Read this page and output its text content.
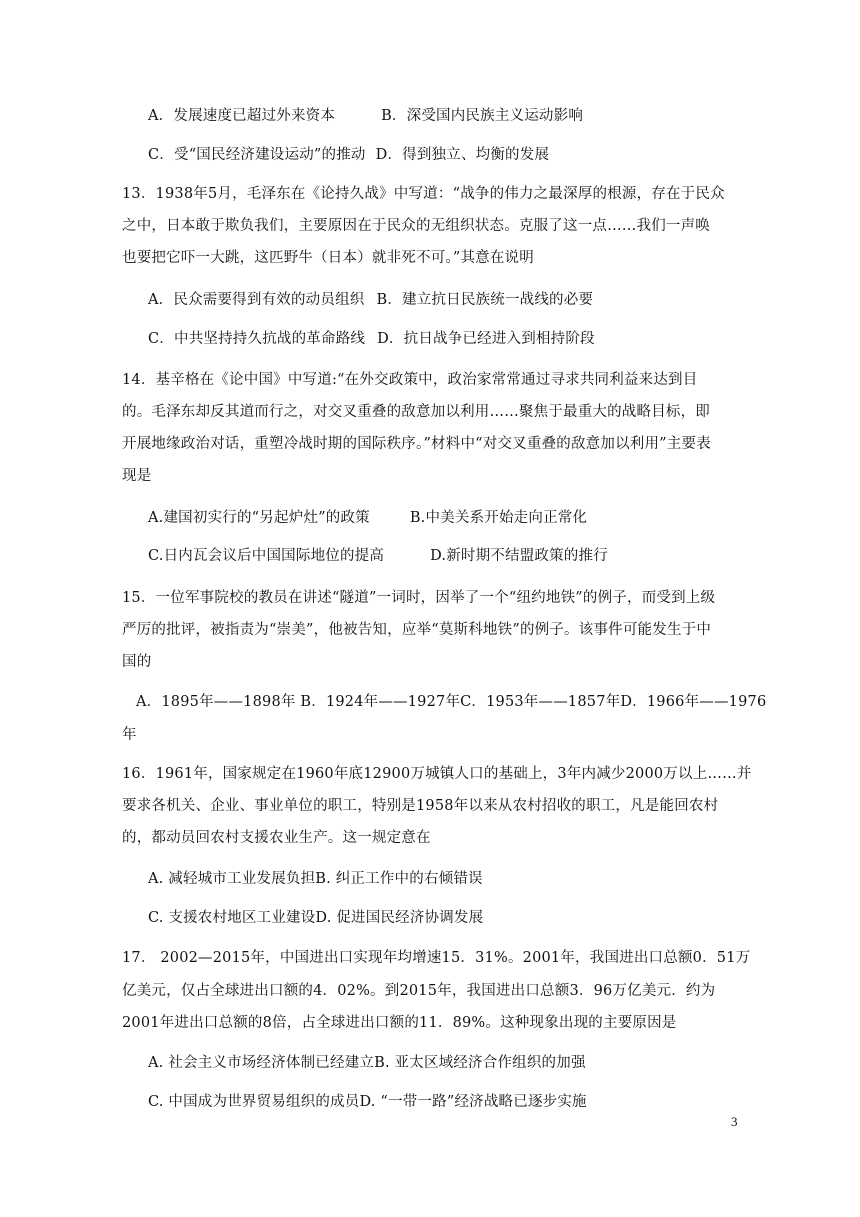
A．发展速度已超过外来资本	B．深受国内民族主义运动影响
C．受“国民经济建设运动”的推动 D．得到独立、均衡的发展
13．1938年5月，毛泽东在《论持久战》中写道：“战争的伟力之最深厚的根源，存在于民众
之中，日本敢于欺负我们，主要原因在于民众的无组织状态。克服了这一点……我们一声唤
也要把它吓一大跳，这匹野牛（日本）就非死不可。”其意在说明
A．民众需要得到有效的动员组织 B．建立抗日民族统一战线的必要
C．中共坚持持久抗战的革命路线 D．抗日战争已经进入到相持阶段
14．基辛格在《论中国》中写道:“在外交政策中，政治家常常通过寻求共同利益来达到目
的。毛泽东却反其道而行之，对交叉重叠的敌意加以利用……聚焦于最重大的战略目标，即
开展地缘政治对话，重塑冷战时期的国际秩序。”材料中“对交叉重叠的敌意加以利用”主要表
现是
A.建国初实行的“另起炉灶”的政策	B.中美关系开始走向正常化
C.日内瓦会议后中国国际地位的提高	D.新时期不结盟政策的推行
15．一位军事院校的教员在讲述“隧道”一词时，因举了一个“纽约地铁”的例子，而受到上级
严厉的批评，被指责为“崇美”，他被告知，应举“莫斯科地铁”的例子。该事件可能发生于中
国的
A．1895年——1898年 B．1924年——1927年C．1953年——1857年D．1966年——1976
年
16．1961年，国家规定在1960年底12900万城镇人口的基础上，3年内减少2000万以上……并
要求各机关、企业、事业单位的职工，特别是1958年以来从农村招收的职工，凡是能回农村
的，都动员回农村支援农业生产。这一规定意在
A. 减轻城市工业发展负担B. 纠正工作中的右倾错误
C. 支援农村地区工业建设D. 促进国民经济协调发展
17． 2002—2015年，中国进出口实现年均增速15．31%。2001年，我国进出口总额0．51万
亿美元，仅占全球进出口额的4．02%。到2015年，我国进出口总额3．96万亿美元．约为
2001年进出口总额的8倍，占全球进出口额的11．89%。这种现象出现的主要原因是
A. 社会主义市场经济体制已经建立B. 亚太区域经济合作组织的加强
C. 中国成为世界贸易组织的成员D. “一带一路”经济战略已逐步实施
3
